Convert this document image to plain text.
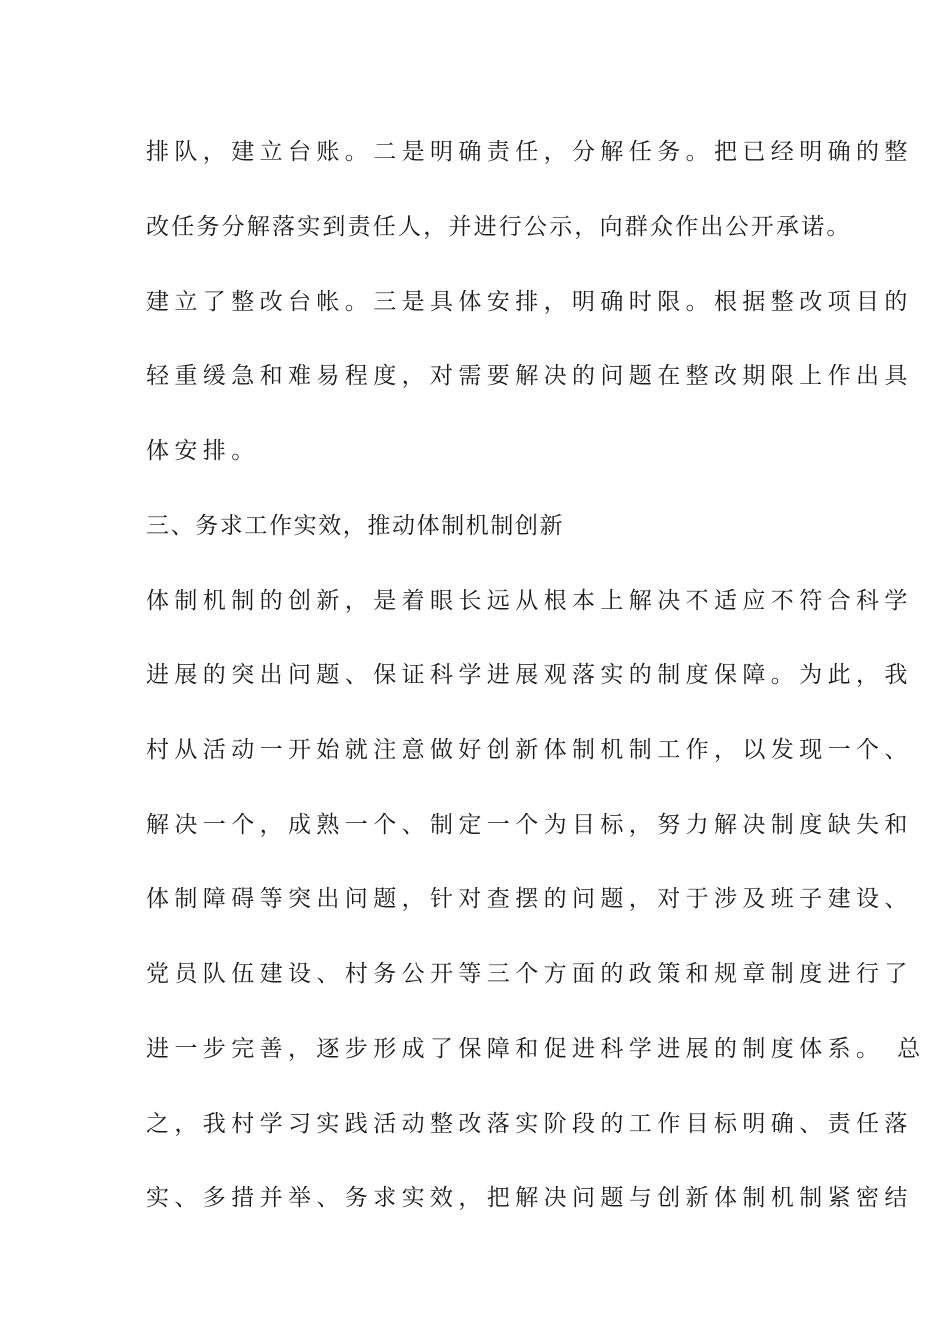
排队，建立台账。二是明确责任，分解任务。把已经明确的整

改任务分解落实到责任人，并进行公示，向群众作出公开承诺。

建立了整改台帐。三是具体安排，明确时限。根据整改项目的

轻重缓急和难易程度，对需要解决的问题在整改期限上作出具

体安排。

三、务求工作实效，推动体制机制创新

体制机制的创新，是着眼长远从根本上解决不适应不符合科学

进展的突出问题、保证科学进展观落实的制度保障。为此，我

村从活动一开始就注意做好创新体制机制工作，以发现一个、

解决一个，成熟一个、制定一个为目标，努力解决制度缺失和

体制障碍等突出问题，针对查摆的问题，对于涉及班子建设、

党员队伍建设、村务公开等三个方面的政策和规章制度进行了

进一步完善，逐步形成了保障和促进科学进展的制度体系。 总

之，我村学习实践活动整改落实阶段的工作目标明确、责任落

实、多措并举、务求实效，把解决问题与创新体制机制紧密结
